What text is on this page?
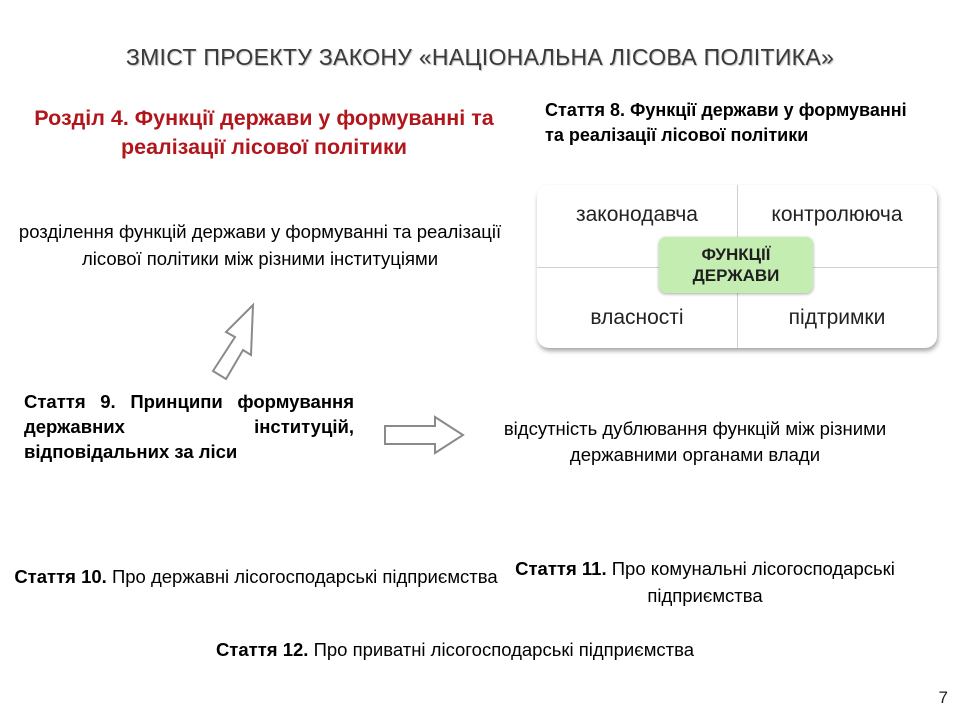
ЗМІСТ ПРОЕКТУ ЗАКОНУ «НАЦІОНАЛЬНА ЛІСОВА ПОЛІТИКА»
Розділ 4. Функції держави у формуванні та реалізації лісової політики
розділення функцій держави у формуванні та реалізації лісової політики між різними інституціями
Стаття 8. Функції держави у формуванні та реалізації лісової політики
законодавча	контролююча
власності	підтримки
ФУНКЦІЇ ДЕРЖАВИ
Стаття 9. Принципи формування державних інституцій, відповідальних за ліси
відсутність дублювання функцій між різними державними органами влади
Стаття 10. Про державні лісогосподарські підприємства Стаття 11. Про комунальні лісогосподарські підприємства
Стаття 12. Про приватні лісогосподарські підприємства
7
